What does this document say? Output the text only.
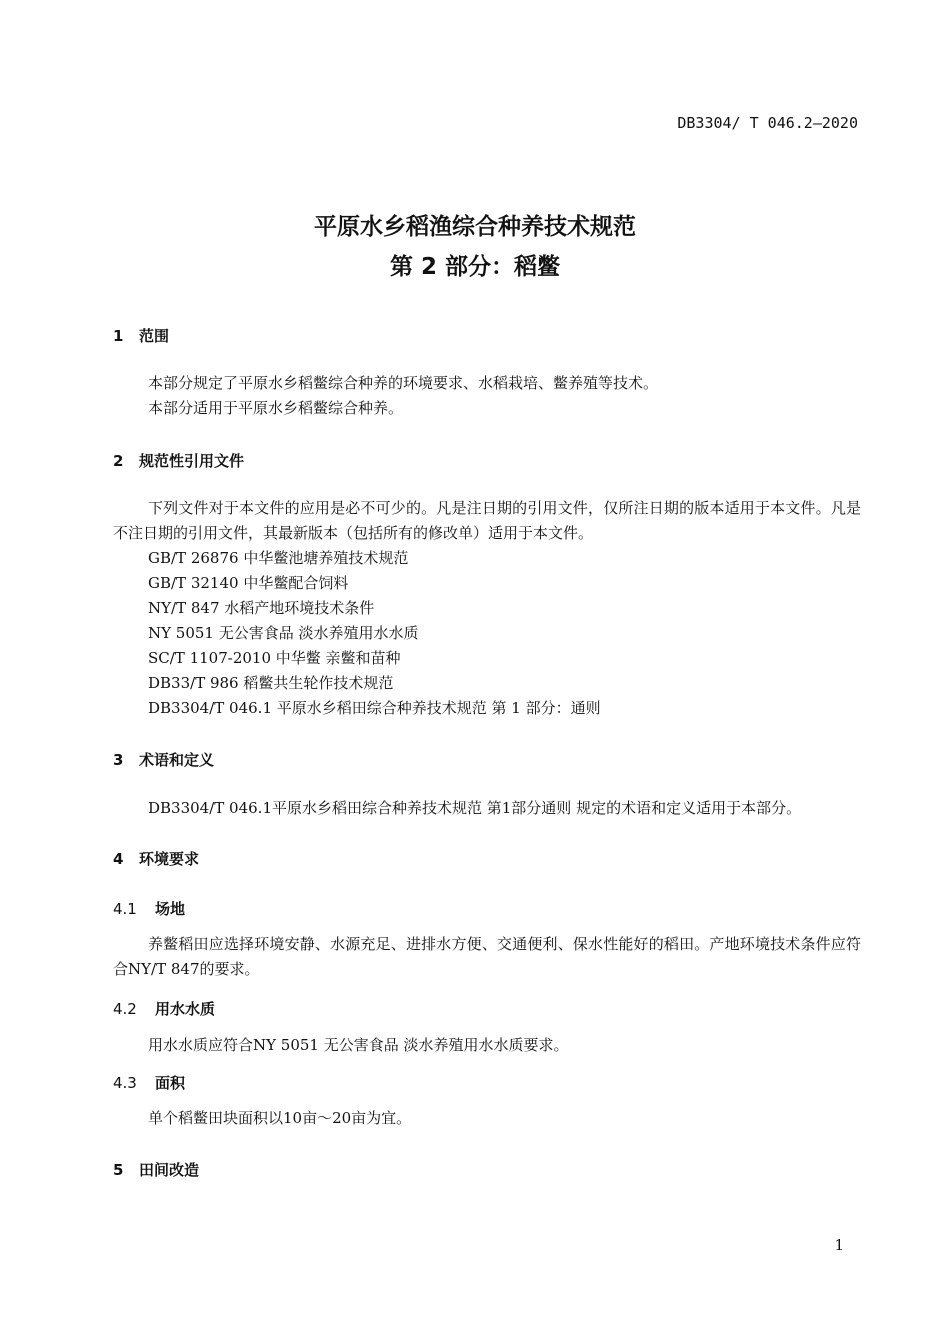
DB3304/ T 046.2—2020
平原水乡稻渔综合种养技术规范
第 2 部分：稻鳖
1 范围
本部分规定了平原水乡稻鳖综合种养的环境要求、水稻栽培、鳖养殖等技术。
本部分适用于平原水乡稻鳖综合种养。
2 规范性引用文件
下列文件对于本文件的应用是必不可少的。凡是注日期的引用文件，仅所注日期的版本适用于本文件。凡是不注日期的引用文件，其最新版本（包括所有的修改单）适用于本文件。
GB/T 26876 中华鳖池塘养殖技术规范
GB/T 32140 中华鳖配合饲料
NY/T 847 水稻产地环境技术条件
NY 5051 无公害食品 淡水养殖用水水质
SC/T 1107-2010 中华鳖 亲鳖和苗种
DB33/T 986 稻鳖共生轮作技术规范
DB3304/T 046.1 平原水乡稻田综合种养技术规范 第 1 部分：通则
3 术语和定义
DB3304/T 046.1平原水乡稻田综合种养技术规范 第1部分通则 规定的术语和定义适用于本部分。
4 环境要求
4.1 场地
养鳖稻田应选择环境安静、水源充足、进排水方便、交通便利、保水性能好的稻田。产地环境技术条件应符合NY/T 847的要求。
4.2 用水水质
用水水质应符合NY 5051 无公害食品 淡水养殖用水水质要求。
4.3 面积
单个稻鳖田块面积以10亩～20亩为宜。
5 田间改造
1
